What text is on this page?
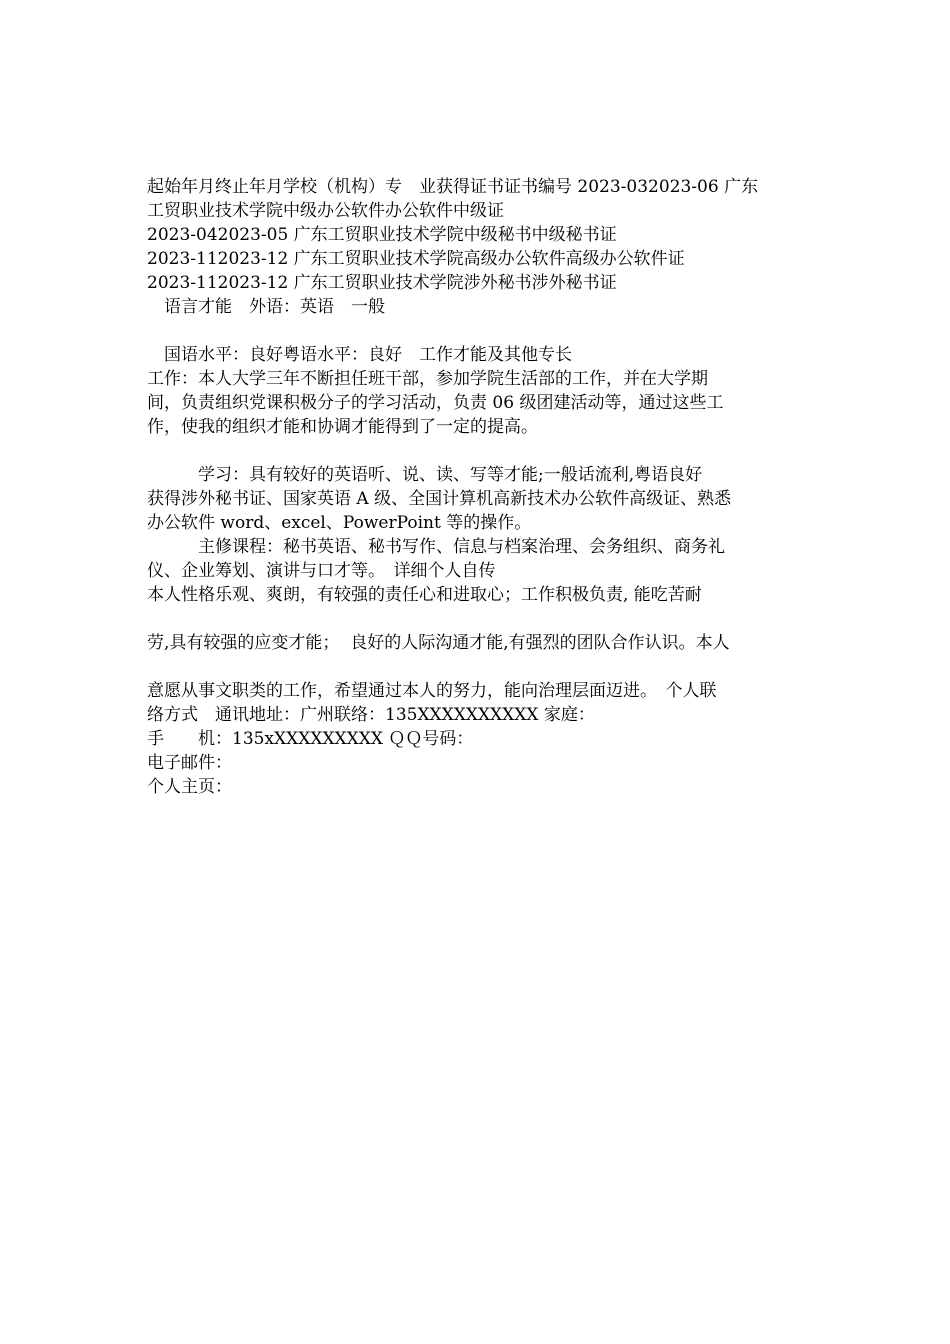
起始年月终止年月学校（机构）专　业获得证书证书编号 2023-032023-06 广东
工贸职业技术学院中级办公软件办公软件中级证
2023-042023-05 广东工贸职业技术学院中级秘书中级秘书证
2023-112023-12 广东工贸职业技术学院高级办公软件高级办公软件证
2023-112023-12 广东工贸职业技术学院涉外秘书涉外秘书证
　语言才能　外语：英语　一般
　国语水平：良好粤语水平：良好　工作才能及其他专长
工作：本人大学三年不断担任班干部，参加学院生活部的工作，并在大学期
间，负责组织党课积极分子的学习活动，负责 06 级团建活动等，通过这些工
作，使我的组织才能和协调才能得到了一定的提高。
　　　学习：具有较好的英语听、说、读、写等才能;一般话流利,粤语良好
获得涉外秘书证、国家英语 A 级、全国计算机高新技术办公软件高级证、熟悉
办公软件 word、excel、PowerPoint 等的操作。
　　　主修课程：秘书英语、秘书写作、信息与档案治理、会务组织、商务礼
仪、企业筹划、演讲与口才等。　详细个人自传
本人性格乐观、爽朗，有较强的责任心和进取心；工作积极负责, 能吃苦耐
劳,具有较强的应变才能；  良好的人际沟通才能,有强烈的团队合作认识。本人
意愿从事文职类的工作，希望通过本人的努力，能向治理层面迈进。　个人联
络方式　通讯地址：广州联络：135XXXXXXXXXX 家庭：
手　　机：135xXXXXXXXXX ＱＱ号码：
电子邮件：
个人主页：
